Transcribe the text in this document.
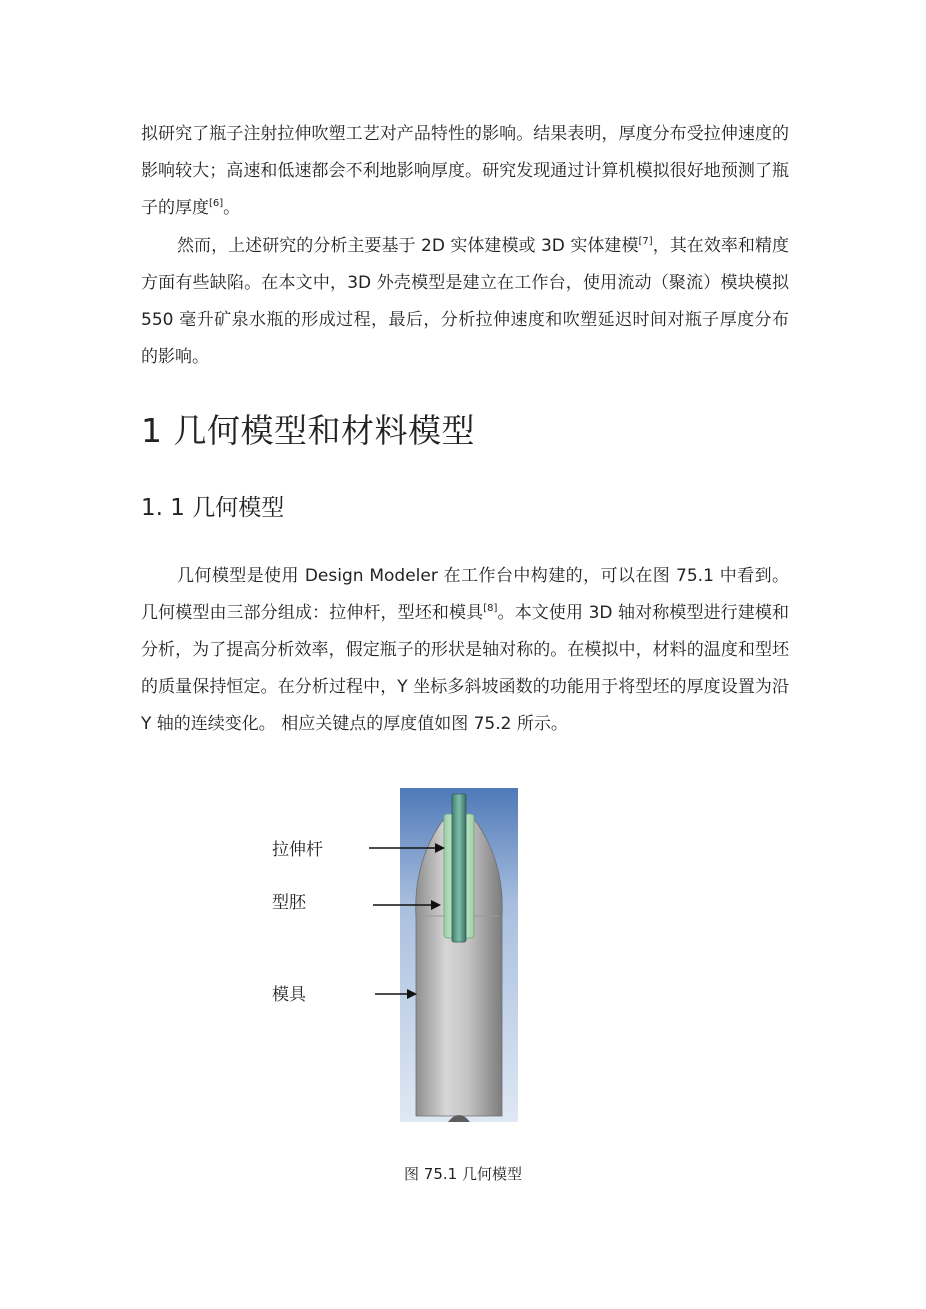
拟研究了瓶子注射拉伸吹塑工艺对产品特性的影响。结果表明，厚度分布受拉伸速度的影响较大；高速和低速都会不利地影响厚度。研究发现通过计算机模拟很好地预测了瓶子的厚度[6]。

然而，上述研究的分析主要基于 2D 实体建模或 3D 实体建模[7]，其在效率和精度方面有些缺陷。在本文中，3D 外壳模型是建立在工作台，使用流动（聚流）模块模拟 550 毫升矿泉水瓶的形成过程，最后，分析拉伸速度和吹塑延迟时间对瓶子厚度分布的影响。

1 几何模型和材料模型
1. 1 几何模型

几何模型是使用 Design Modeler 在工作台中构建的，可以在图 75.1 中看到。几何模型由三部分组成：拉伸杆，型坯和模具[8]。本文使用 3D 轴对称模型进行建模和分析，为了提高分析效率，假定瓶子的形状是轴对称的。在模拟中，材料的温度和型坯的质量保持恒定。在分析过程中，Y 坐标多斜坡函数的功能用于将型坯的厚度设置为沿 Y 轴的连续变化。 相应关键点的厚度值如图 75.2 所示。

拉伸杆
型胚
模具
图 75.1 几何模型
